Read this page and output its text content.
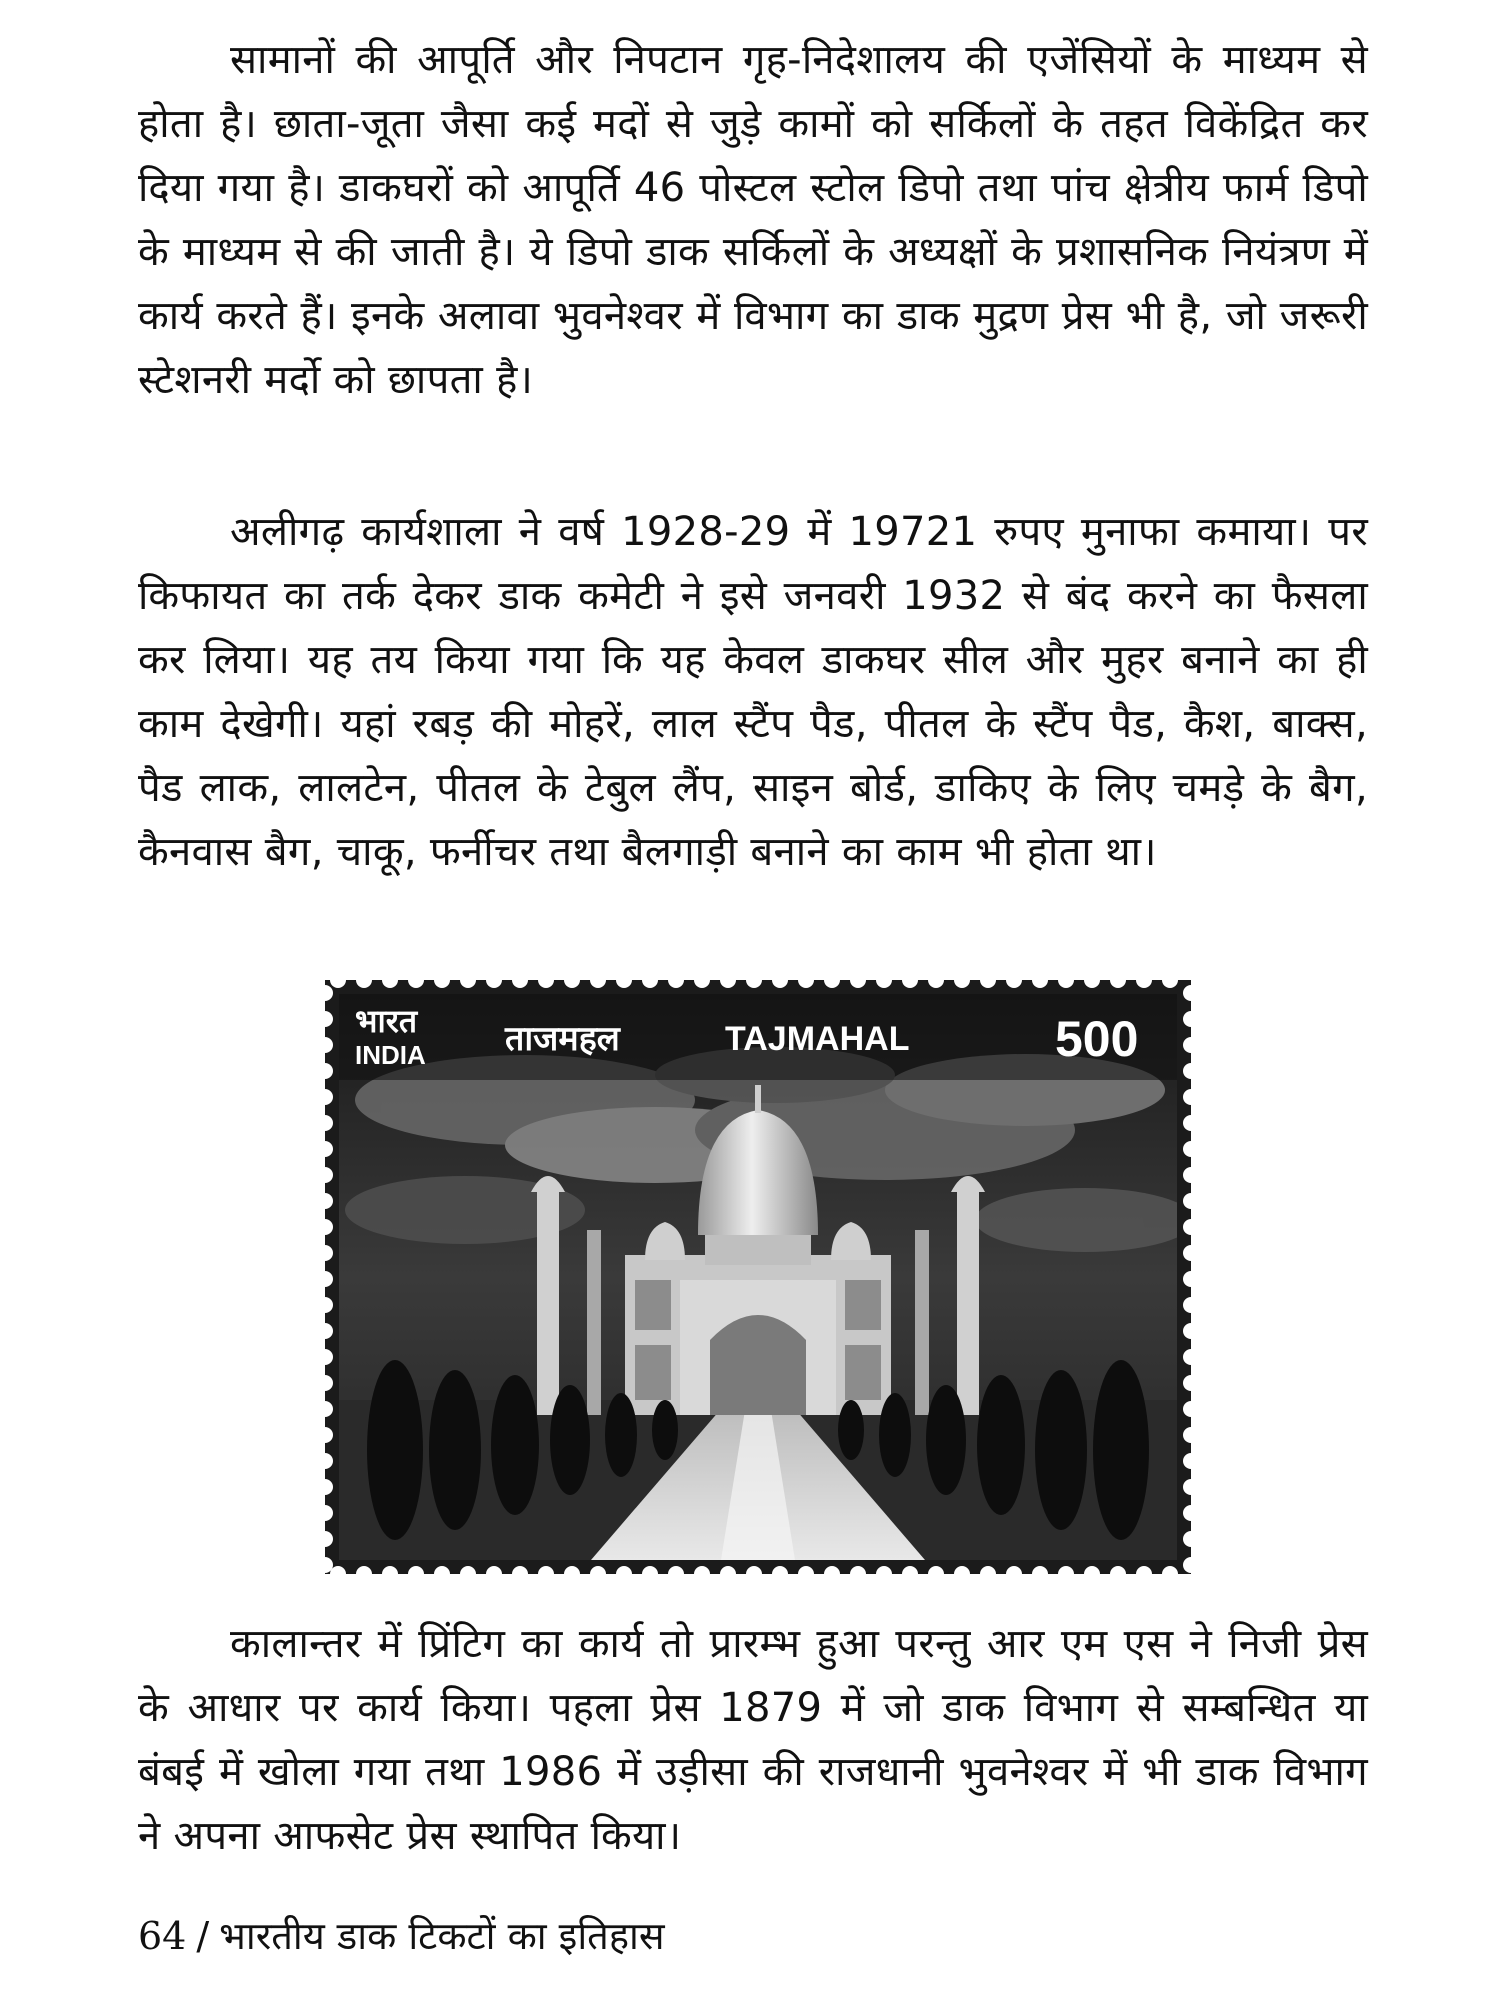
सामानों की आपूर्ति और निपटान गृह-निदेशालय की एजेंसियों के माध्यम से होता है। छाता-जूता जैसा कई मदों से जुड़े कामों को सर्किलों के तहत विकेंद्रित कर दिया गया है। डाकघरों को आपूर्ति 46 पोस्टल स्टोल डिपो तथा पांच क्षेत्रीय फार्म डिपो के माध्यम से की जाती है। ये डिपो डाक सर्किलों के अध्यक्षों के प्रशासनिक नियंत्रण में कार्य करते हैं। इनके अलावा भुवनेश्वर में विभाग का डाक मुद्रण प्रेस भी है, जो जरूरी स्टेशनरी मर्दो को छापता है।

अलीगढ़ कार्यशाला ने वर्ष 1928-29 में 19721 रुपए मुनाफा कमाया। पर किफायत का तर्क देकर डाक कमेटी ने इसे जनवरी 1932 से बंद करने का फैसला कर लिया। यह तय किया गया कि यह केवल डाकघर सील और मुहर बनाने का ही काम देखेगी। यहां रबड़ की मोहरें, लाल स्टैंप पैड, पीतल के स्टैंप पैड, कैश, बाक्स, पैड लाक, लालटेन, पीतल के टेबुल लैंप, साइन बोर्ड, डाकिए के लिए चमड़े के बैग, कैनवास बैग, चाकू, फर्नीचर तथा बैलगाड़ी बनाने का काम भी होता था।

भारत
INDIA ताजमहल	TAJMAHAL	500

कालान्तर में प्रिंटिग का कार्य तो प्रारम्भ हुआ परन्तु आर एम एस ने निजी प्रेस के आधार पर कार्य किया। पहला प्रेस 1879 में जो डाक विभाग से सम्बन्धित या बंबई में खोला गया तथा 1986 में उड़ीसा की राजधानी भुवनेश्वर में भी डाक विभाग ने अपना आफसेट प्रेस स्थापित किया।

64 / भारतीय डाक टिकटों का इतिहास
